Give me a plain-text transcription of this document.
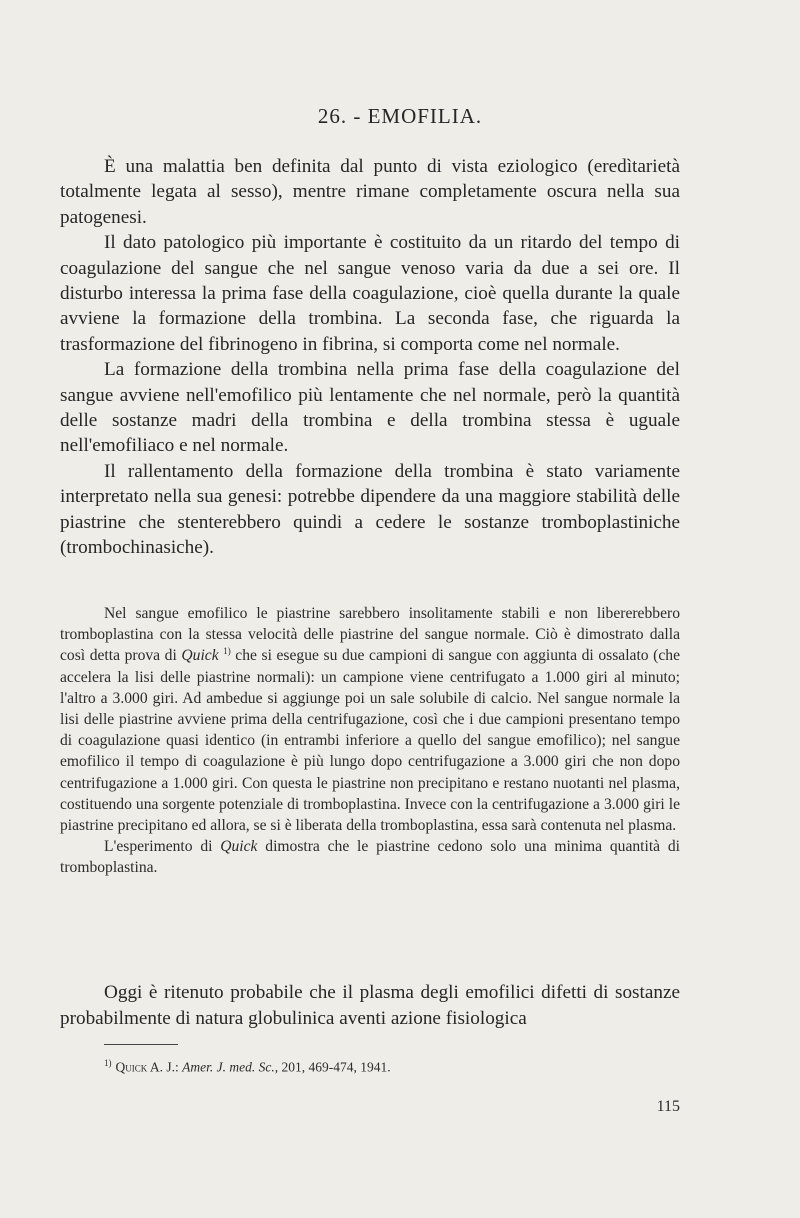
26. - EMOFILIA.

È una malattia ben definita dal punto di vista eziologico (eredìtarietà totalmente legata al sesso), mentre rimane completamente oscura nella sua patogenesi.

Il dato patologico più importante è costituito da un ritardo del tempo di coagulazione del sangue che nel sangue venoso varia da due a sei ore. Il disturbo interessa la prima fase della coagulazione, cioè quella durante la quale avviene la formazione della trombina. La seconda fase, che riguarda la trasformazione del fibrinogeno in fibrina, si comporta come nel normale.

La formazione della trombina nella prima fase della coagulazione del sangue avviene nell'emofilico più lentamente che nel normale, però la quantità delle sostanze madri della trombina e della trombina stessa è uguale nell'emofiliaco e nel normale.

Il rallentamento della formazione della trombina è stato variamente interpretato nella sua genesi: potrebbe dipendere da una maggiore stabilità delle piastrine che stenterebbero quindi a cedere le sostanze tromboplastiniche (trombochinasiche).

Nel sangue emofilico le piastrine sarebbero insolitamente stabili e non libererebbero tromboplastina con la stessa velocità delle piastrine del sangue normale. Ciò è dimostrato dalla così detta prova di Quick $^{1)}$ che si esegue su due campioni di sangue con aggiunta di ossalato (che accelera la lisi delle piastrine normali): un campione viene centrifugato a 1.000 giri al minuto; l'altro a 3.000 giri. Ad ambedue si aggiunge poi un sale solubile di calcio. Nel sangue normale la lisi delle piastrine avviene prima della centrifugazione, così che i due campioni presentano tempo di coagulazione quasi identico (in entrambi inferiore a quello del sangue emofilico); nel sangue emofilico il tempo di coagulazione è più lungo dopo centrifugazione a 3.000 giri che non dopo centrifugazione a 1.000 giri. Con questa le piastrine non precipitano e restano nuotanti nel plasma, costituendo una sorgente potenziale di tromboplastina. Invece con la centrifugazione a 3.000 giri le piastrine precipitano ed allora, se si è liberata della tromboplastina, essa sarà contenuta nel plasma.

L'esperimento di Quick dimostra che le piastrine cedono solo una minima quantità di tromboplastina.

Oggi è ritenuto probabile che il plasma degli emofilici difetti di sostanze probabilmente di natura globulinica aventi azione fisiologica

$^{1)}$ Quick A. J.: Amer. J. med. Sc., 201, 469-474, 1941.
115
